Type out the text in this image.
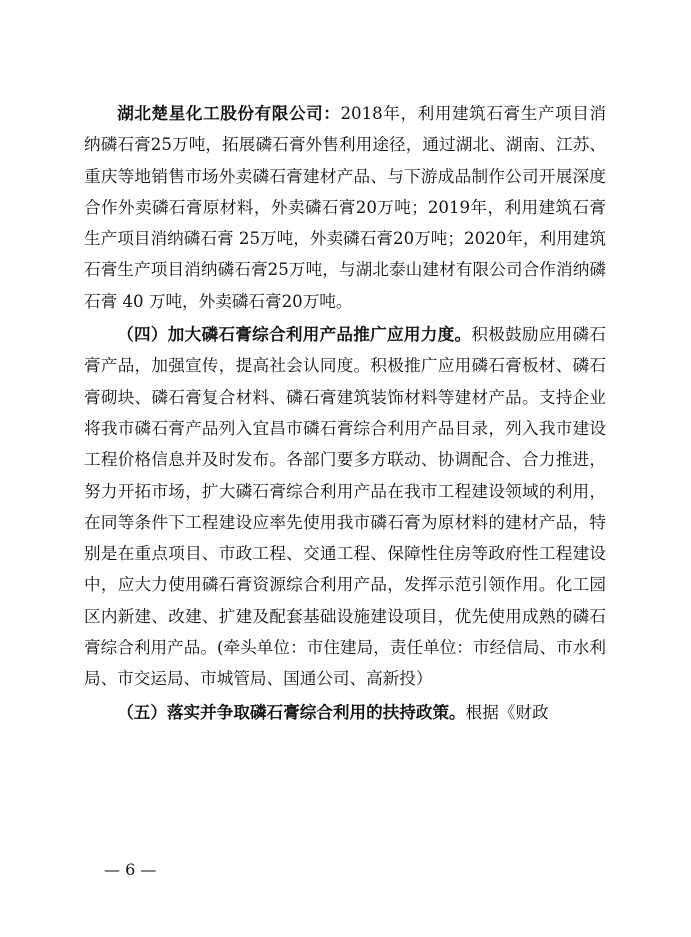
湖北楚星化工股份有限公司：2018年，利用建筑石膏生产项目消纳磷石膏25万吨，拓展磷石膏外售利用途径，通过湖北、湖南、江苏、重庆等地销售市场外卖磷石膏建材产品、与下游成品制作公司开展深度合作外卖磷石膏原材料，外卖磷石膏20万吨；2019年，利用建筑石膏生产项目消纳磷石膏 25万吨，外卖磷石膏20万吨；2020年，利用建筑石膏生产项目消纳磷石膏25万吨，与湖北泰山建材有限公司合作消纳磷石膏 40 万吨，外卖磷石膏20万吨。

（四）加大磷石膏综合利用产品推广应用力度。积极鼓励应用磷石膏产品，加强宣传，提高社会认同度。积极推广应用磷石膏板材、磷石膏砌块、磷石膏复合材料、磷石膏建筑装饰材料等建材产品。支持企业将我市磷石膏产品列入宜昌市磷石膏综合利用产品目录，列入我市建设工程价格信息并及时发布。各部门要多方联动、协调配合、合力推进，努力开拓市场，扩大磷石膏综合利用产品在我市工程建设领域的利用，在同等条件下工程建设应率先使用我市磷石膏为原材料的建材产品，特别是在重点项目、市政工程、交通工程、保障性住房等政府性工程建设中，应大力使用磷石膏资源综合利用产品，发挥示范引领作用。化工园区内新建、改建、扩建及配套基础设施建设项目，优先使用成熟的磷石膏综合利用产品。(牵头单位：市住建局，责任单位：市经信局、市水利局、市交运局、市城管局、国通公司、高新投）

（五）落实并争取磷石膏综合利用的扶持政策。根据《财政

— 6 —
